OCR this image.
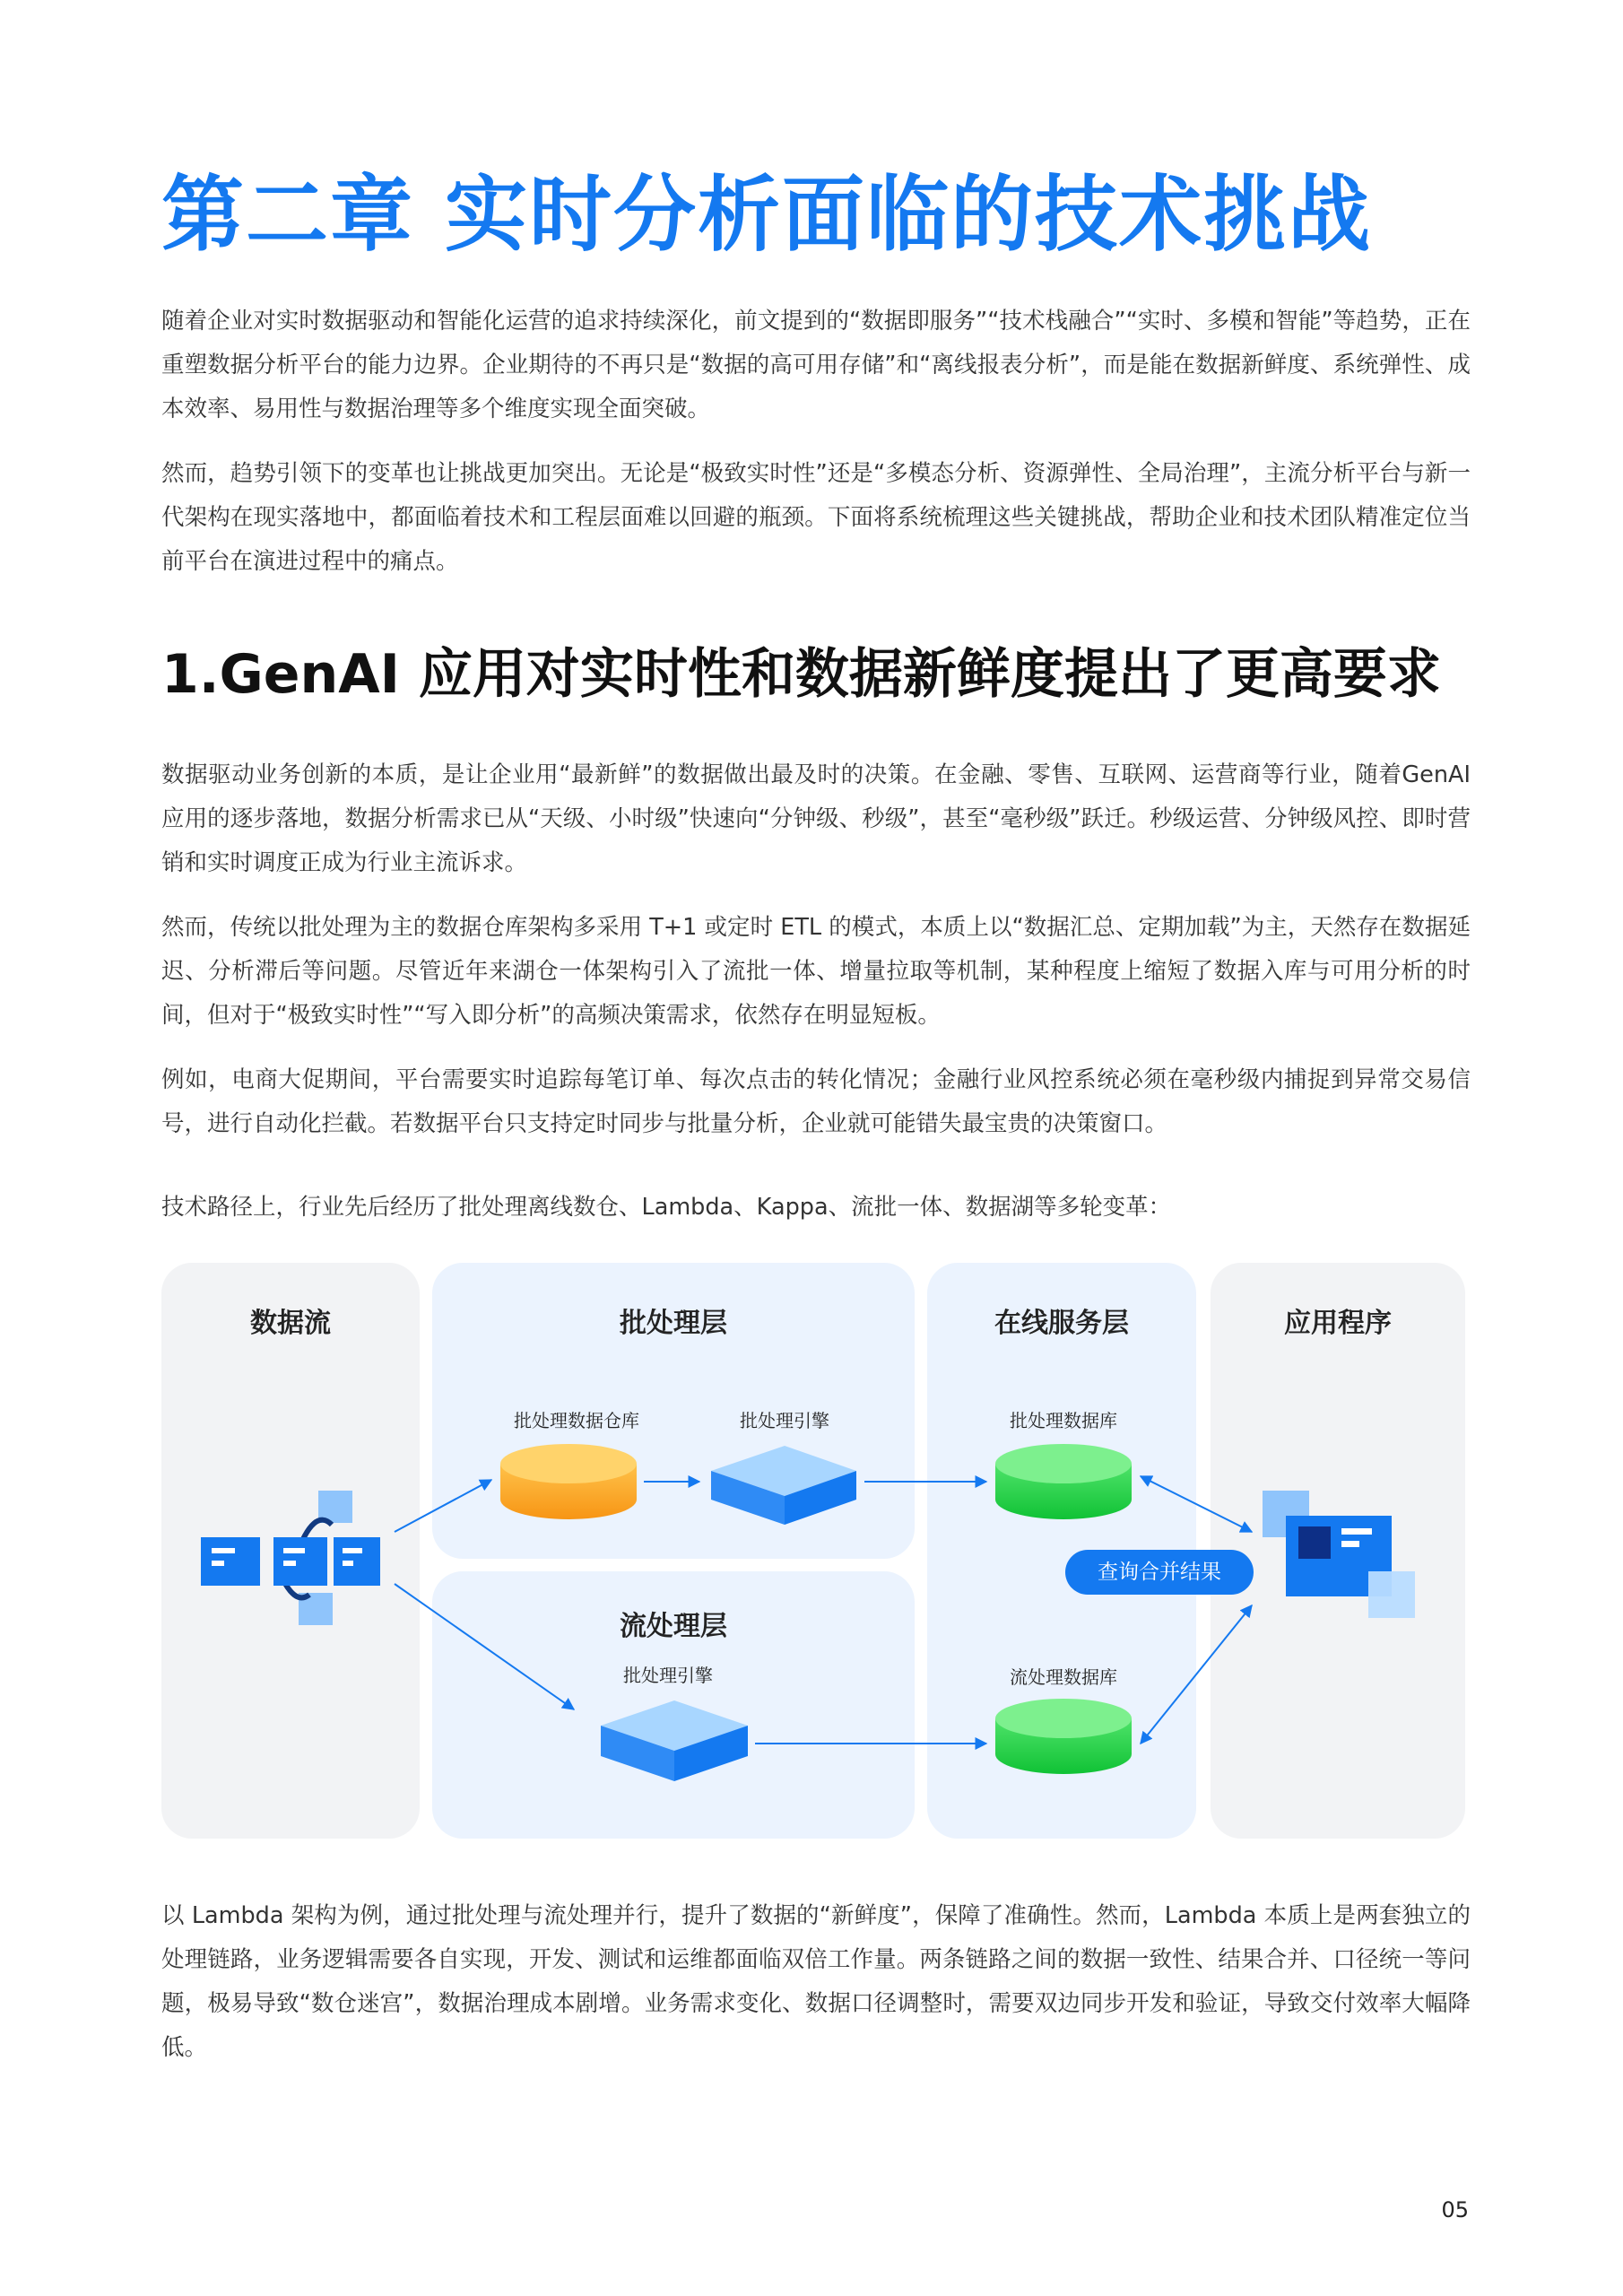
第二章 实时分析面临的技术挑战

随着企业对实时数据驱动和智能化运营的追求持续深化，前文提到的“数据即服务”“技术栈融合”“实时、多模和智能”等趋势，正在重塑数据分析平台的能力边界。企业期待的不再只是“数据的高可用存储”和“离线报表分析”，而是能在数据新鲜度、系统弹性、成本效率、易用性与数据治理等多个维度实现全面突破。

然而，趋势引领下的变革也让挑战更加突出。无论是“极致实时性”还是“多模态分析、资源弹性、全局治理”，主流分析平台与新一代架构在现实落地中，都面临着技术和工程层面难以回避的瓶颈。下面将系统梳理这些关键挑战，帮助企业和技术团队精准定位当前平台在演进过程中的痛点。

1.GenAI 应用对实时性和数据新鲜度提出了更高要求

数据驱动业务创新的本质，是让企业用“最新鲜”的数据做出最及时的决策。在金融、零售、互联网、运营商等行业，随着GenAI 应用的逐步落地，数据分析需求已从“天级、小时级”快速向“分钟级、秒级”，甚至“毫秒级”跃迁。秒级运营、分钟级风控、即时营销和实时调度正成为行业主流诉求。

然而，传统以批处理为主的数据仓库架构多采用 T+1 或定时 ETL 的模式，本质上以“数据汇总、定期加载”为主，天然存在数据延迟、分析滞后等问题。尽管近年来湖仓一体架构引入了流批一体、增量拉取等机制，某种程度上缩短了数据入库与可用分析的时间，但对于“极致实时性”“写入即分析”的高频决策需求，依然存在明显短板。

例如，电商大促期间，平台需要实时追踪每笔订单、每次点击的转化情况；金融行业风控系统必须在毫秒级内捕捉到异常交易信号，进行自动化拦截。若数据平台只支持定时同步与批量分析，企业就可能错失最宝贵的决策窗口。

技术路径上，行业先后经历了批处理离线数仓、Lambda、Kappa、流批一体、数据湖等多轮变革：

数据流	批处理层
流处理层
在线服务层	应用程序
批处理数据仓库	批处理引擎
批处理引擎
批处理数据库
流处理数据库
查询合并结果

以 Lambda 架构为例，通过批处理与流处理并行，提升了数据的“新鲜度”，保障了准确性。然而，Lambda 本质上是两套独立的处理链路，业务逻辑需要各自实现，开发、测试和运维都面临双倍工作量。两条链路之间的数据一致性、结果合并、口径统一等问题，极易导致“数仓迷宫”，数据治理成本剧增。业务需求变化、数据口径调整时，需要双边同步开发和验证，导致交付效率大幅降低。

05
